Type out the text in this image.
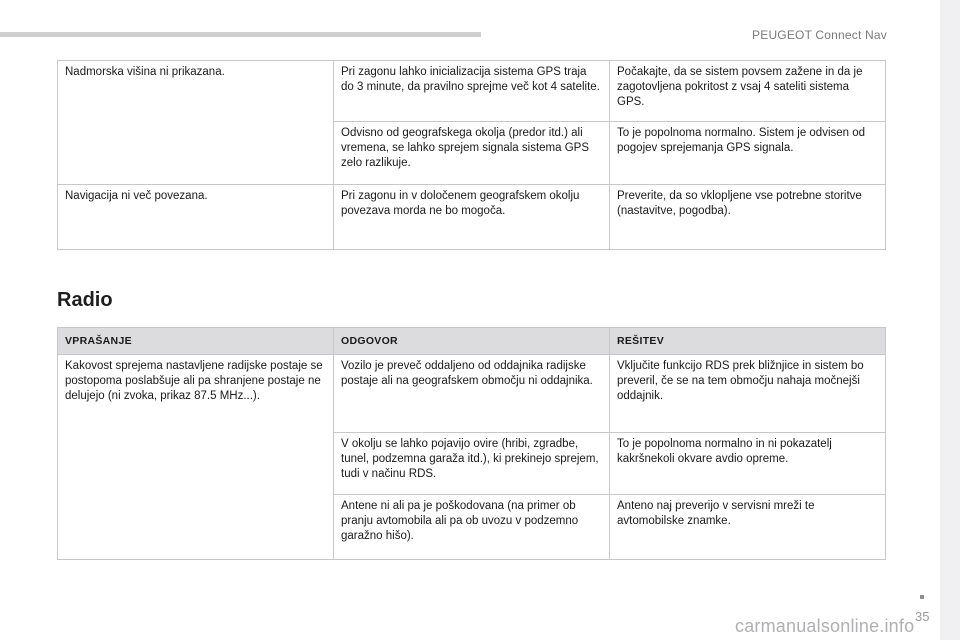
PEUGEOT Connect Nav
Nadmorska višina ni prikazana.	Pri zagonu lahko inicializacija sistema GPS traja do 3 minute, da pravilno sprejme več kot 4 satelite.	Počakajte, da se sistem povsem zažene in da je zagotovljena pokritost z vsaj 4 sateliti sistema GPS.
	Odvisno od geografskega okolja (predor itd.) ali vremena, se lahko sprejem signala sistema GPS zelo razlikuje.	To je popolnoma normalno. Sistem je odvisen od pogojev sprejemanja GPS signala.
Navigacija ni več povezana.	Pri zagonu in v določenem geografskem okolju povezava morda ne bo mogoča.	Preverite, da so vklopljene vse potrebne storitve (nastavitve, pogodba).
Radio
VPRAŠANJE	ODGOVOR	REŠITEV
Kakovost sprejema nastavljene radijske postaje se postopoma poslabšuje ali pa shranjene postaje ne delujejo (ni zvoka, prikaz 87.5 MHz...).	Vozilo je preveč oddaljeno od oddajnika radijske postaje ali na geografskem območju ni oddajnika.	Vključite funkcijo RDS prek bližnjice in sistem bo preveril, če se na tem območju nahaja močnejši oddajnik.
	V okolju se lahko pojavijo ovire (hribi, zgradbe, tunel, podzemna garaža itd.), ki prekinejo sprejem, tudi v načinu RDS.	To je popolnoma normalno in ni pokazatelj kakršnekoli okvare avdio opreme.
	Antene ni ali pa je poškodovana (na primer ob pranju avtomobila ali pa ob uvozu v podzemno garažno hišo).	Anteno naj preverijo v servisni mreži te avtomobilske znamke.
35
carmanualsonline.info
